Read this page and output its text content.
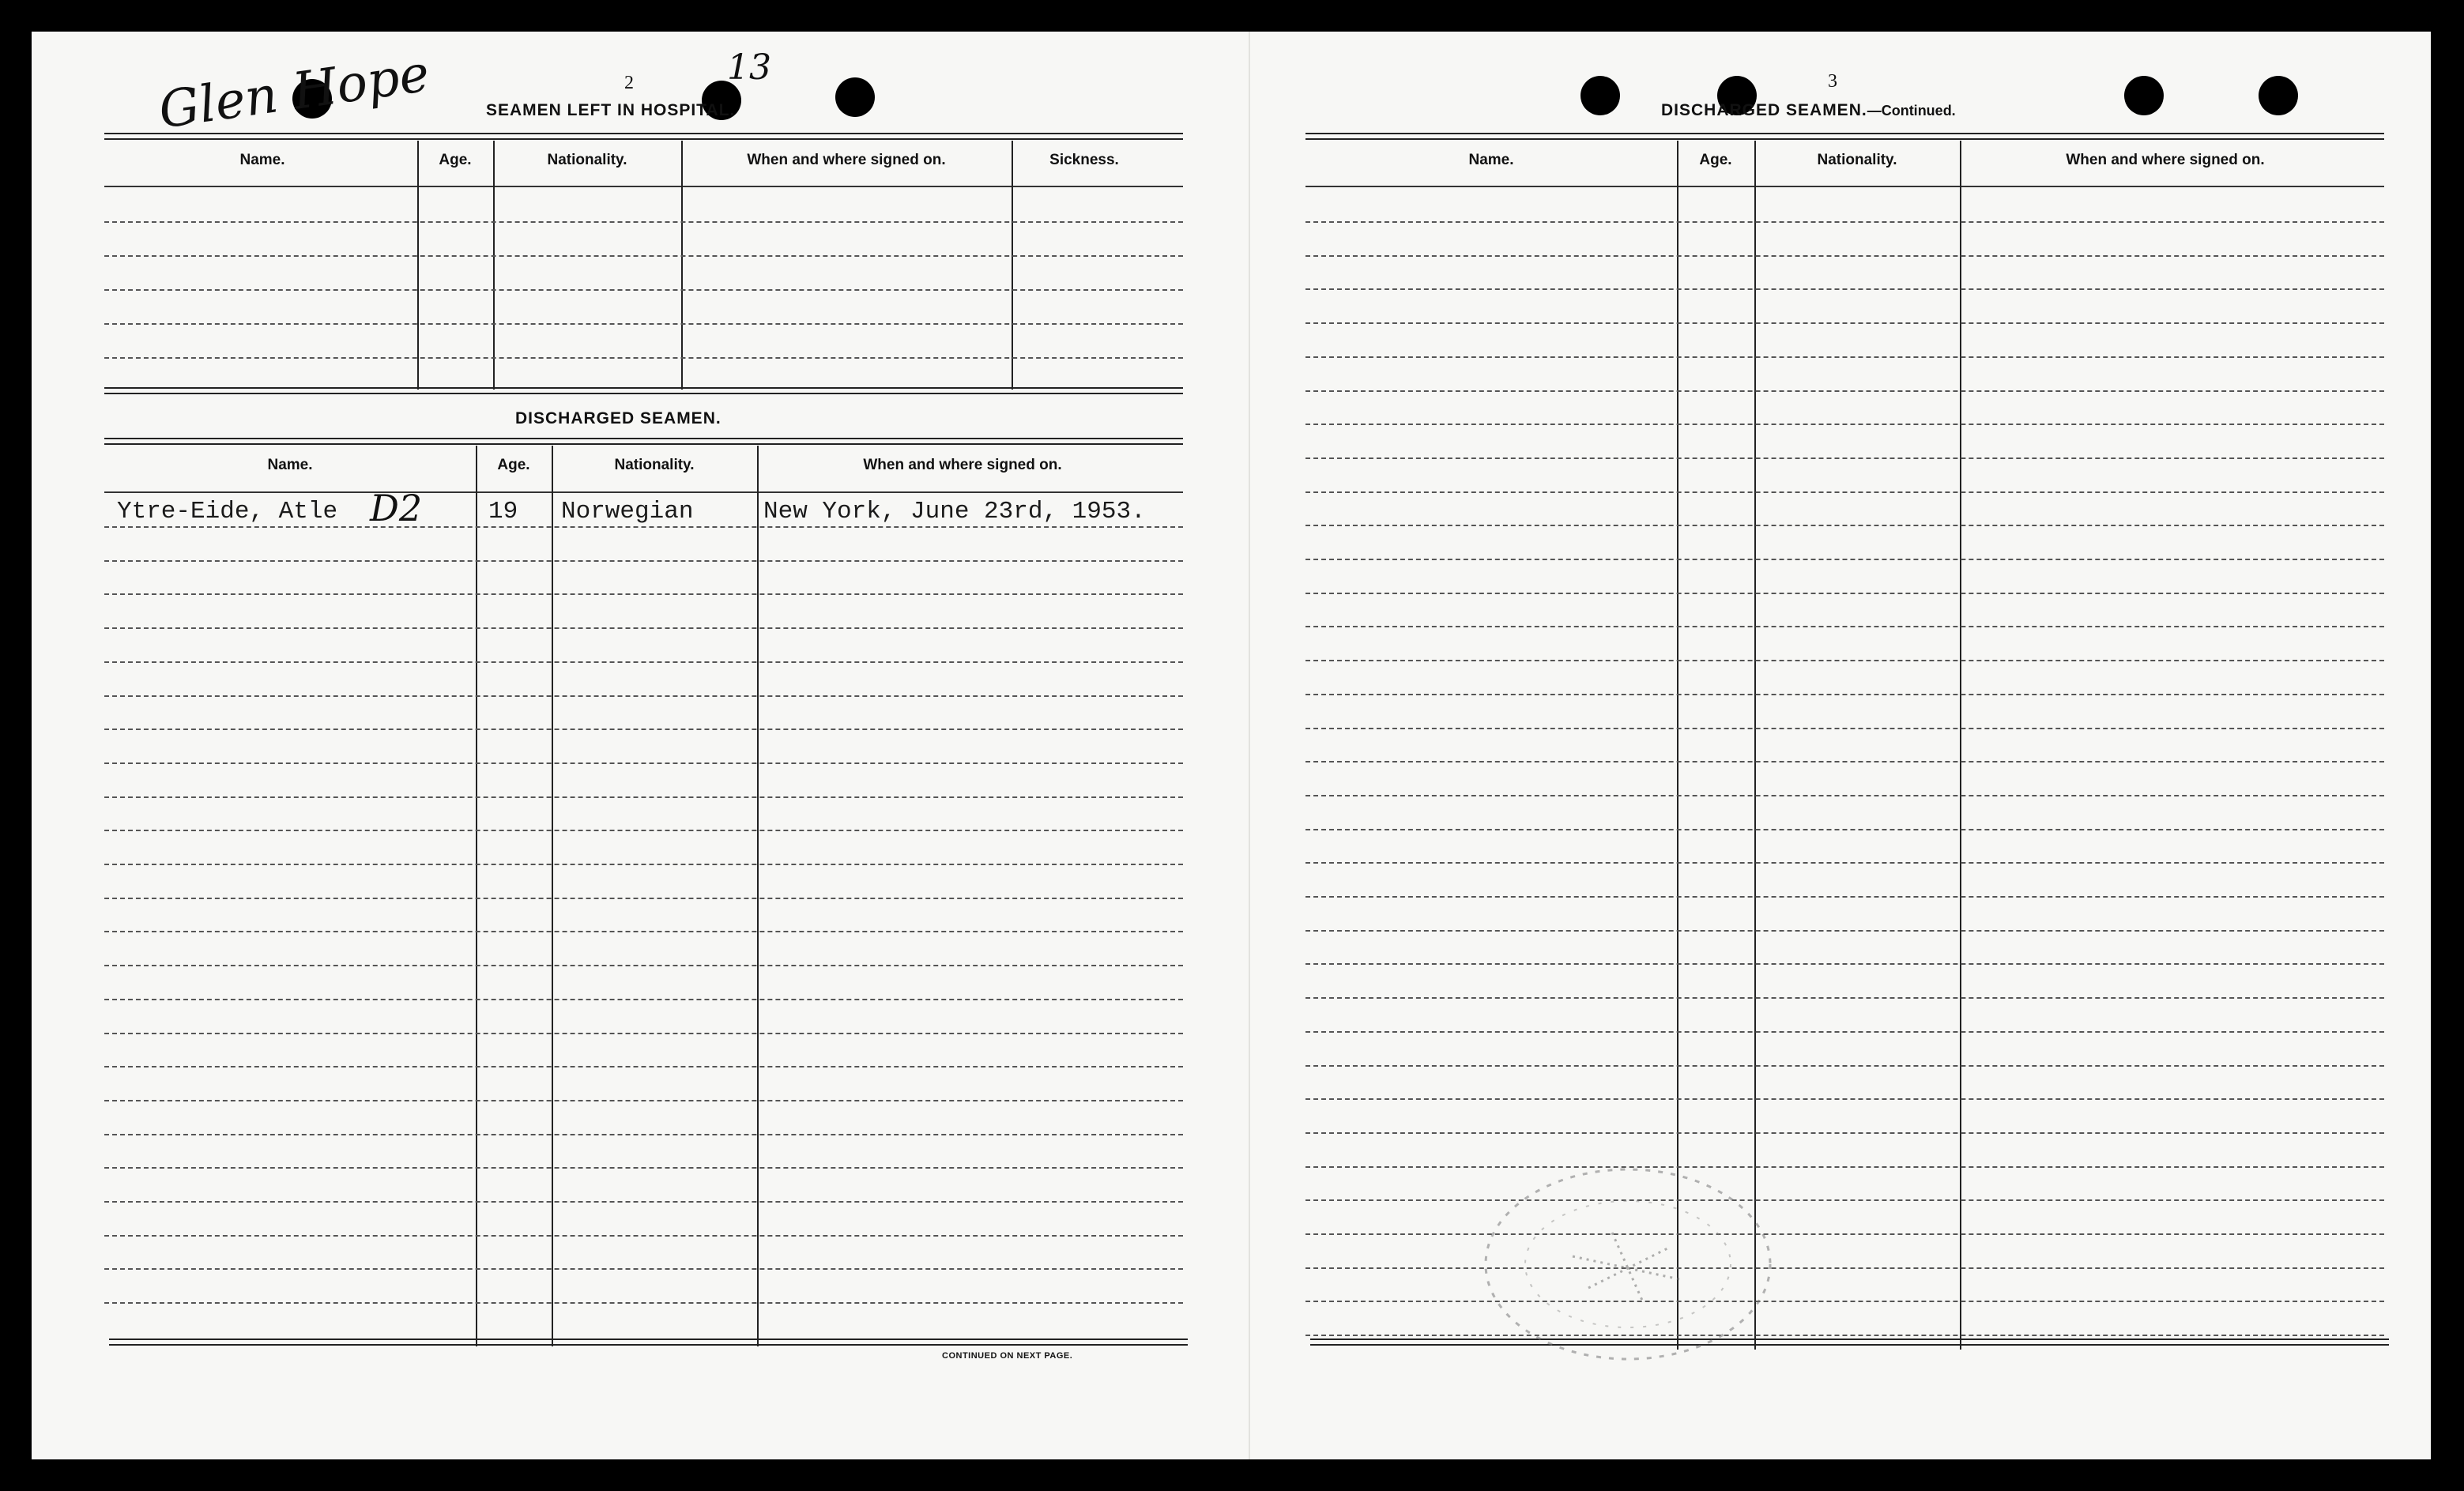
Glen Hope	13
2
SEAMEN LEFT IN HOSPITAL.
Name.	Age.	Nationality.	When and where signed on.	Sickness.
DISCHARGED SEAMEN.
Name.	Age.	Nationality.	When and where signed on.
Ytre-Eide, Atle D2	19 Norwegian	New York, June 23rd, 1953.
CONTINUED ON NEXT PAGE.
3
DISCHARGED SEAMEN.—Continued.
Name.	Age.	Nationality.	When and where signed on.
